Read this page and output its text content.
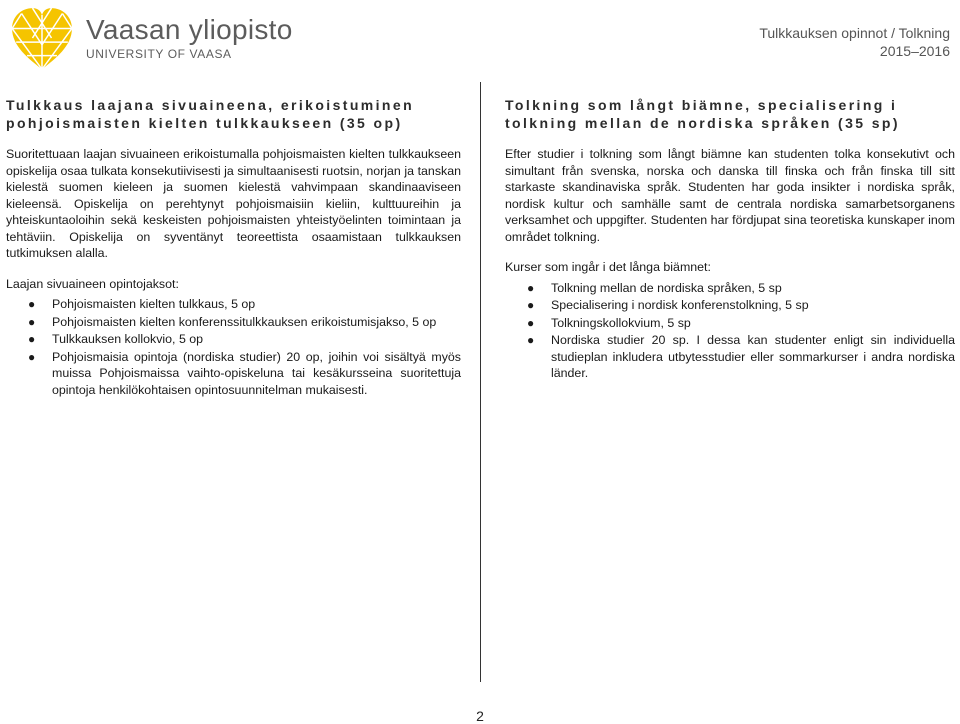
Vaasan yliopisto
UNIVERSITY OF VAASA
Tulkkauksen opinnot / Tolkning
2015–2016
Tulkkaus laajana sivuaineena, erikoistuminen pohjoismaisten kielten tulkkaukseen (35 op)

Suoritettuaan laajan sivuaineen erikoistumalla pohjoismaisten kielten tulkkaukseen opiskelija osaa tulkata konsekutiivisesti ja simultaanisesti ruotsin, norjan ja tanskan kielestä suomen kieleen ja suomen kielestä vahvimpaan skandinaaviseen kieleensä. Opiskelija on perehtynyt pohjoismaisiin kieliin, kulttuureihin ja yhteiskuntaoloihin sekä keskeisten pohjoismaisten yhteistyöelinten toimintaan ja tehtäviin. Opiskelija on syventänyt teoreettista osaamistaan tulkkauksen tutkimuksen alalla.

Laajan sivuaineen opintojaksot:
● Pohjoismaisten kielten tulkkaus, 5 op
● Pohjoismaisten kielten konferenssitulkkauksen erikoistumisjakso, 5 op
● Tulkkauksen kollokvio, 5 op
● Pohjoismaisia opintoja (nordiska studier) 20 op, joihin voi sisältyä myös muissa Pohjoismaissa vaihto-opiskeluna tai kesäkursseina suoritettuja opintoja henkilökohtaisen opintosuunnitelman mukaisesti.
Tolkning som långt biämne, specialisering i tolkning mellan de nordiska språken (35 sp)

Efter studier i tolkning som långt biämne kan studenten tolka konsekutivt och simultant från svenska, norska och danska till finska och från finska till sitt starkaste skandinaviska språk. Studenten har goda insikter i nordiska språk, nordisk kultur och samhälle samt de centrala nordiska samarbetsorganens verksamhet och uppgifter. Studenten har fördjupat sina teoretiska kunskaper inom området tolkning.

Kurser som ingår i det långa biämnet:
● Tolkning mellan de nordiska språken, 5 sp
● Specialisering i nordisk konferenstolkning, 5 sp
● Tolkningskollokvium, 5 sp
● Nordiska studier 20 sp. I dessa kan studenter enligt sin individuella studieplan inkludera utbytesstudier eller sommarkurser i andra nordiska länder.
2
